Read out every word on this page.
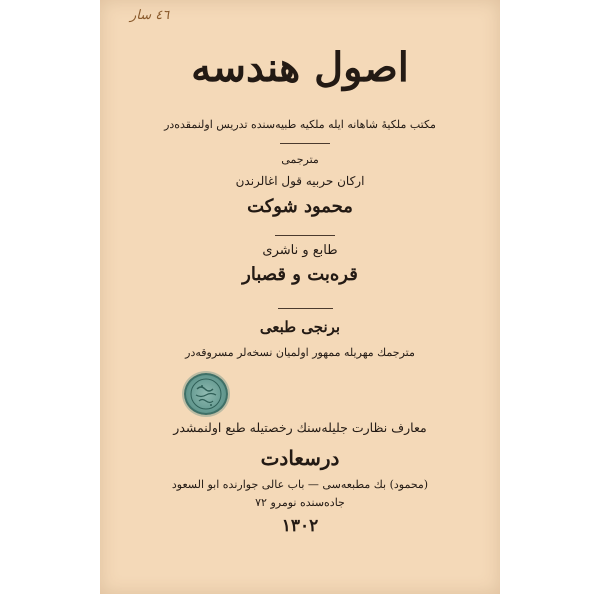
٤٦ سار
اصول هندسه
مکتب ملکیهٔ شاهانه ایله ملکیه طبیه‌سنده تدریس اولنمقده‌در
مترجمی
ارکان حربیه قول اغالرندن
محمود شوکت
طابع و ناشری
قره‌بت و قصبار
برنجی طبعی
مترجمك مهریله ممهور اولمیان نسخه‌لر مسروقه‌در
معارف نظارت جلیله‌سنك رخصتیله طبع اولنمشدر
درسعادت
(محمود) بك مطبعه‌سی — باب عالی جوارنده ابو السعود
جاده‌سنده نومرو ۷۲
۱۳۰۲
